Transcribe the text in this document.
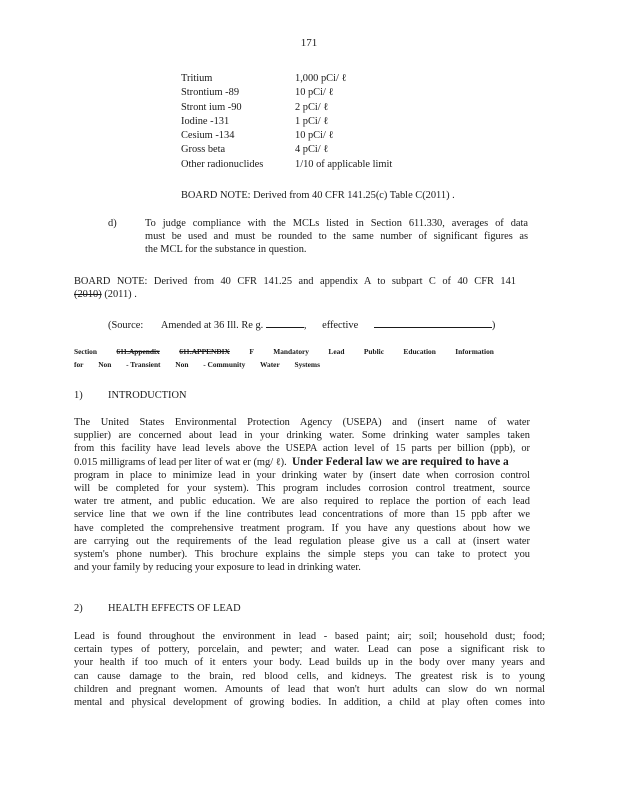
171

Tritium	1,000 pCi/ ℓ
Strontium -89	10 pCi/ ℓ
Stront ium -90	2 pCi/ ℓ
Iodine -131	1 pCi/ ℓ
Cesium -134	10 pCi/ ℓ
Gross beta	4 pCi/ ℓ
Other radionuclides	1/10 of applicable limit

BOARD NOTE: Derived from 40 CFR 141.25(c) Table C(2011) .

d)	To judge compliance with the MCLs listed in Section 611.330, averages of data
must be used and must be rounded to the same number of significant figures as
the MCL for the substance in question.
BOARD NOTE: Derived from 40 CFR 141.25 and appendix A to subpart C of 40 CFR 141
(2010) (2011) .
(Source: Amended at 36 Ill. Re g.	,      effective	)
Section	611.Appendix	611.APPENDIX	F	Mandatory	Lead	Public	Education	Information
for Non - Transient Non - Community Water Systems

1) INTRODUCTION

The United States Environmental Protection Agency (USEPA) and (insert name of water
supplier) are concerned about lead in your drinking water. Some drinking water samples taken
from this facility have lead levels above the USEPA action level of 15 parts per billion (ppb), or
0.015 milligrams of lead per liter of wat er (mg/ ℓ). Under Federal law we are required to have a
program in place to minimize lead in your drinking water by (insert date when corrosion control
will be completed for your system). This program includes corrosion control treatment, source
water tre atment, and public education. We are also required to replace the portion of each lead
service line that we own if the line contributes lead concentrations of more than 15 ppb after we
have completed the comprehensive treatment program. If you have any questions about how we
are carrying out the requirements of the lead regulation please give us a call at (insert water
system's phone number). This brochure explains the simple steps you can take to protect you
and your family by reducing your exposure to lead in drinking water.

2) HEALTH EFFECTS OF LEAD

Lead is found throughout the environment in lead - based paint; air; soil; household dust; food;
certain types of pottery, porcelain, and pewter; and water. Lead can pose a significant risk to
your health if too much of it enters your body. Lead builds up in the body over many years and
can cause damage to the brain, red blood cells, and kidneys. The greatest risk is to young
children and pregnant women. Amounts of lead that won't hurt adults can slow do wn normal
mental and physical development of growing bodies. In addition, a child at play often comes into
